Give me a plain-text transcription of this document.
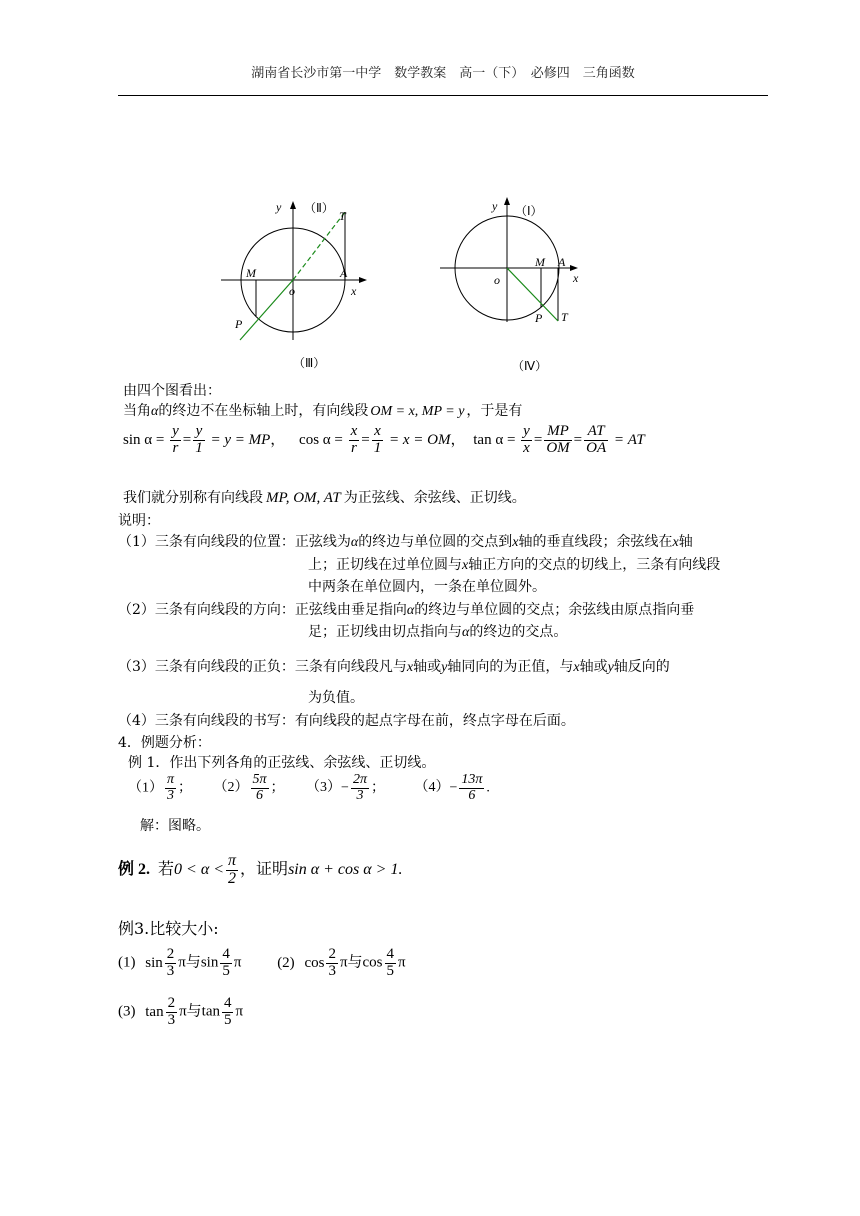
湖南省长沙市第一中学　数学教案　高一（下）　必修四　三角函数
（Ⅱ）
y
T
M	A
o	x
P
（Ⅲ）
y （Ⅰ）
M A
o	x
P T
（Ⅳ）
由四个图看出：
当角α的终边不在坐标轴上时，有向线段 OM = x, MP = y ，于是有
$\sin \alpha = \frac{y}{r} = \frac{y}{1} = y$ = MP， $\cos \alpha = \frac{x}{r} = \frac{x}{1} = x$ = OM， $\tan \alpha = \frac{y}{x} = \frac{MP}{OM} = \frac{AT}{OA}$ = AT
我们就分别称有向线段 MP, OM, AT 为正弦线、余弦线、正切线。
说明：
（1）三条有向线段的位置：正弦线为α的终边与单位圆的交点到x轴的垂直线段；余弦线在x轴
上；正切线在过单位圆与x轴正方向的交点的切线上，三条有向线段
中两条在单位圆内，一条在单位圆外。
（2）三条有向线段的方向：正弦线由垂足指向α的终边与单位圆的交点；余弦线由原点指向垂
足；正切线由切点指向与α的终边的交点。
（3）三条有向线段的正负：三条有向线段凡与x轴或y轴同向的为正值，与x轴或y轴反向的
为负值。
（4）三条有向线段的书写：有向线段的起点字母在前，终点字母在后面。
4．例题分析：
例 1．作出下列各角的正弦线、余弦线、正切线。
$(1) \frac{\pi}{3}$ ； $(2) \frac{5\pi}{6}$ ； $(3)- \frac{2\pi}{3}$ ； $(4)- \frac{13\pi}{6}$ .
解：图略。
例 2. 若$0 < \alpha < \frac{\pi}{2}$ ，证明sin α + cos α > 1.
例3.比较大小:
(1) $\sin \frac{2}{3}$ π与$\sin \frac{4}{5}$ π (2) $\cos \frac{2}{3}$ π与$\cos \frac{4}{5}$ π
(3) $\tan \frac{2}{3}$ π与$\tan \frac{4}{5}$ π
